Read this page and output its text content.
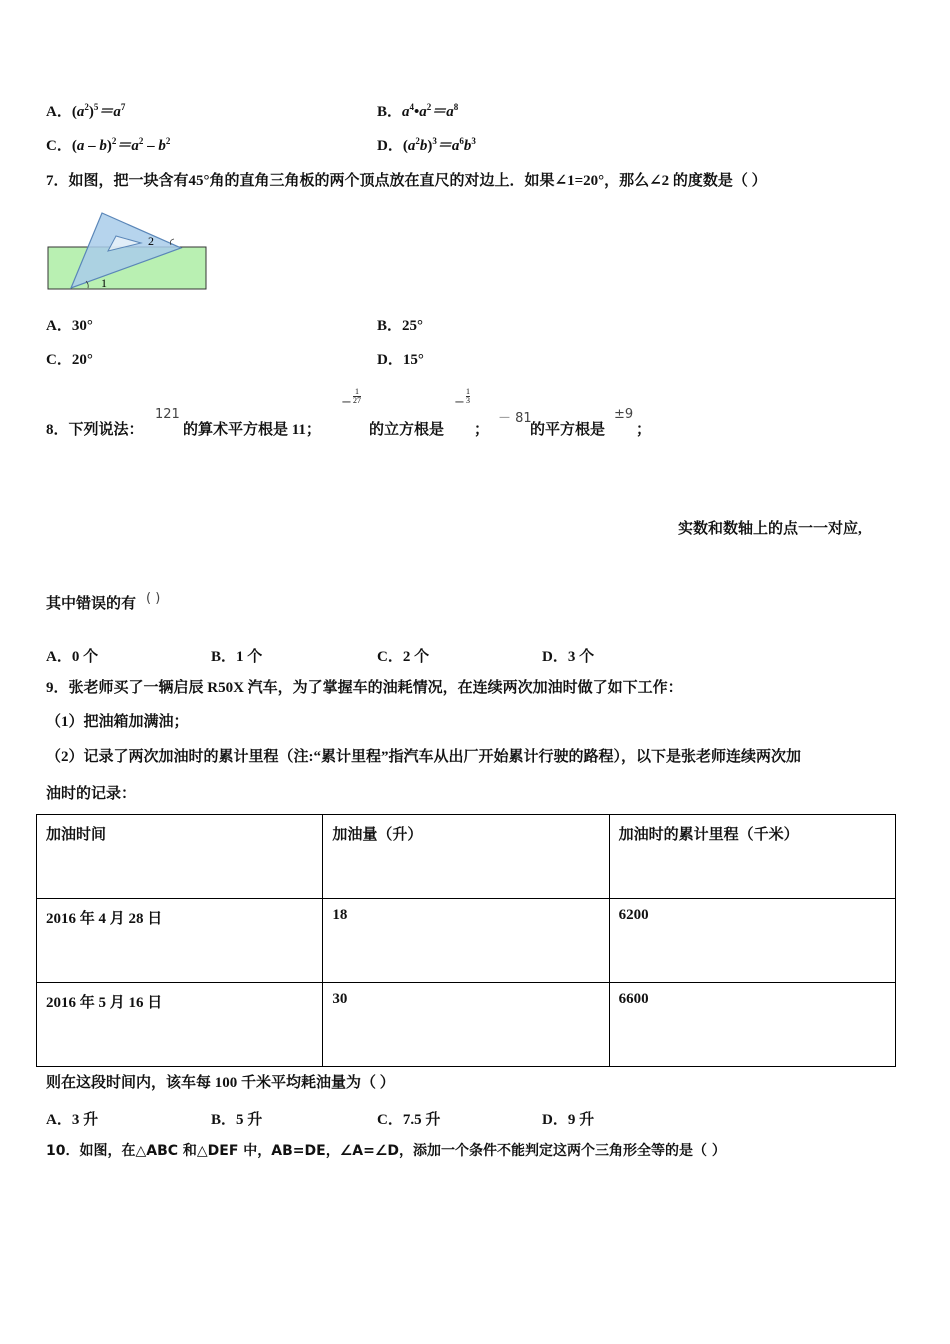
A．$(a^2)^5=a^7$	B．$a^4•a^2=a^8$
C．$(a - b)^2=a^2 - b^2$	D．$(a^2b)^3=a^6b^3$
7．如图，把一块含有45°角的直角三角板的两个顶点放在直尺的对边上．如果∠1=20°，那么∠2 的度数是（ ）
2
1
A．30°	B．25°
C．20°	D．15°
8．下列说法：
121
的算术平方根是 11；
− $\frac{1}{27}$
的立方根是
− $\frac{1}{3}$
；
－ 81
的平方根是
±9
；
实数和数轴上的点一一对应,
其中错误的有 ( )
A．0 个	B．1 个	C．2 个	D．3 个
9．张老师买了一辆启辰 R50X 汽车，为了掌握车的油耗情况，在连续两次加油时做了如下工作：
（1）把油箱加满油；
（2）记录了两次加油时的累计里程（注:“累计里程”指汽车从出厂开始累计行驶的路程），以下是张老师连续两次加
油时的记录：
加油时间	加油量（升）	加油时的累计里程（千米）
2016 年 4 月 28 日	18	6200
2016 年 5 月 16 日	30	6600
则在这段时间内，该车每 100 千米平均耗油量为（ ）
A．3 升	B．5 升	C．7.5 升	D．9 升
10．如图，在△ABC 和△DEF 中，AB=DE，∠A=∠D，添加一个条件不能判定这两个三角形全等的是（ ）
